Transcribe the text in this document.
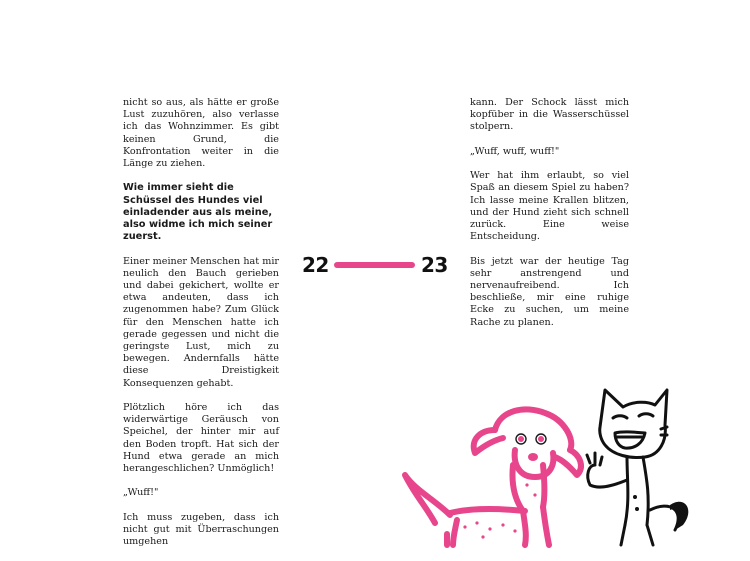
nicht so aus, als hätte er große Lust zuzuhören, also verlasse ich das Wohnzimmer. Es gibt keinen Grund, die Konfrontation weiter in die Länge zu ziehen.

Wie immer sieht die Schüssel des Hundes viel einladender aus als meine, also widme ich mich seiner zuerst.

Einer meiner Menschen hat mir neulich den Bauch gerieben und dabei gekichert, wollte er etwa andeuten, dass ich zugenommen habe? Zum Glück für den Menschen hatte ich gerade gegessen und nicht die geringste Lust, mich zu bewegen. Andernfalls hätte diese Dreistigkeit Konsequenzen gehabt.

Plötzlich höre ich das widerwärtige Geräusch von Speichel, der hinter mir auf den Boden tropft. Hat sich der Hund etwa gerade an mich herangeschlichen? Unmöglich!

„Wuff!"

Ich muss zugeben, dass ich nicht gut mit Überraschungen umgehen

kann. Der Schock lässt mich kopfüber in die Wasserschüssel stolpern.

„Wuff, wuff, wuff!"

Wer hat ihm erlaubt, so viel Spaß an diesem Spiel zu haben? Ich lasse meine Krallen blitzen, und der Hund zieht sich schnell zurück. Eine weise Entscheidung.

Bis jetzt war der heutige Tag sehr anstrengend und nervenaufreibend. Ich beschließe, mir eine ruhige Ecke zu suchen, um meine Rache zu planen.

22	23
